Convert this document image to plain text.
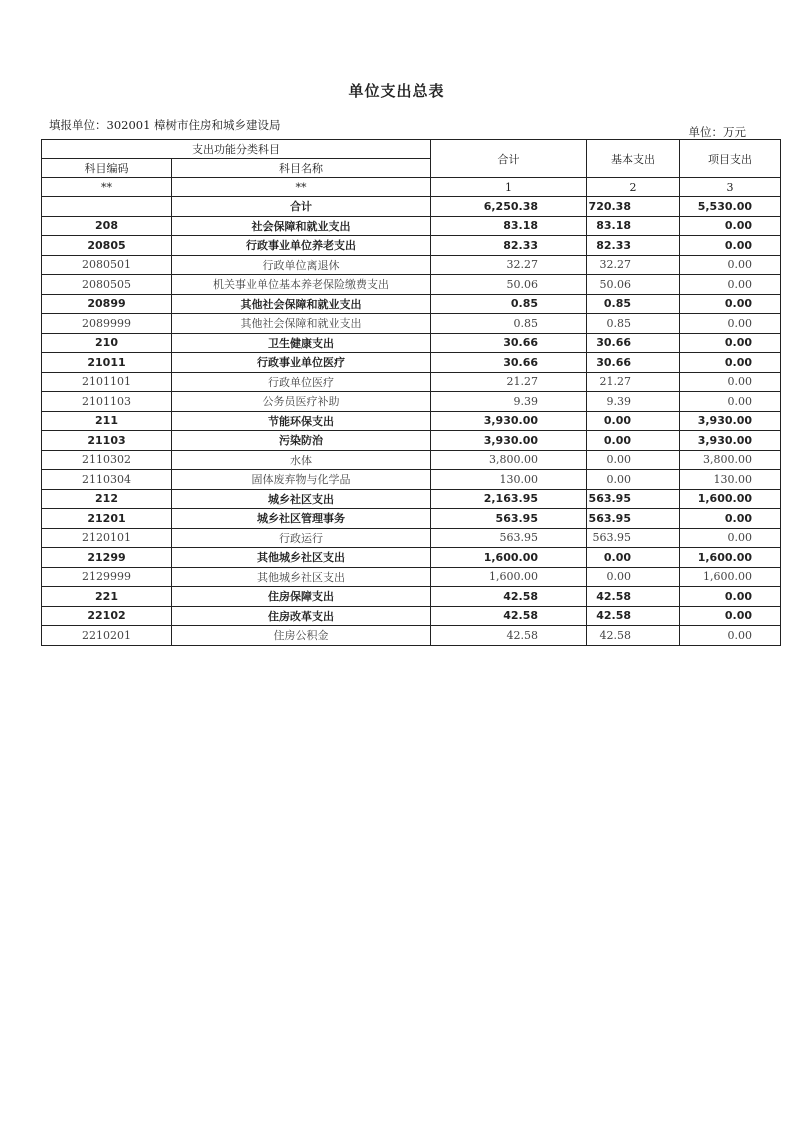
单位支出总表
填报单位：302001 樟树市住房和城乡建设局	单位：万元
支出功能分类科目		合计	基本支出	项目支出
科目编码	科目名称			
**	**	1	2	3
	合计	6,250.38	720.38	5,530.00
208	社会保障和就业支出	83.18	83.18	0.00
20805	行政事业单位养老支出	82.33	82.33	0.00
2080501	行政单位离退休	32.27	32.27	0.00
2080505	机关事业单位基本养老保险缴费支出	50.06	50.06	0.00
20899	其他社会保障和就业支出	0.85	0.85	0.00
2089999	其他社会保障和就业支出	0.85	0.85	0.00
210	卫生健康支出	30.66	30.66	0.00
21011	行政事业单位医疗	30.66	30.66	0.00
2101101	行政单位医疗	21.27	21.27	0.00
2101103	公务员医疗补助	9.39	9.39	0.00
211	节能环保支出	3,930.00	0.00	3,930.00
21103	污染防治	3,930.00	0.00	3,930.00
2110302	水体	3,800.00	0.00	3,800.00
2110304	固体废弃物与化学品	130.00	0.00	130.00
212	城乡社区支出	2,163.95	563.95	1,600.00
21201	城乡社区管理事务	563.95	563.95	0.00
2120101	行政运行	563.95	563.95	0.00
21299	其他城乡社区支出	1,600.00	0.00	1,600.00
2129999	其他城乡社区支出	1,600.00	0.00	1,600.00
221	住房保障支出	42.58	42.58	0.00
22102	住房改革支出	42.58	42.58	0.00
2210201	住房公积金	42.58	42.58	0.00
